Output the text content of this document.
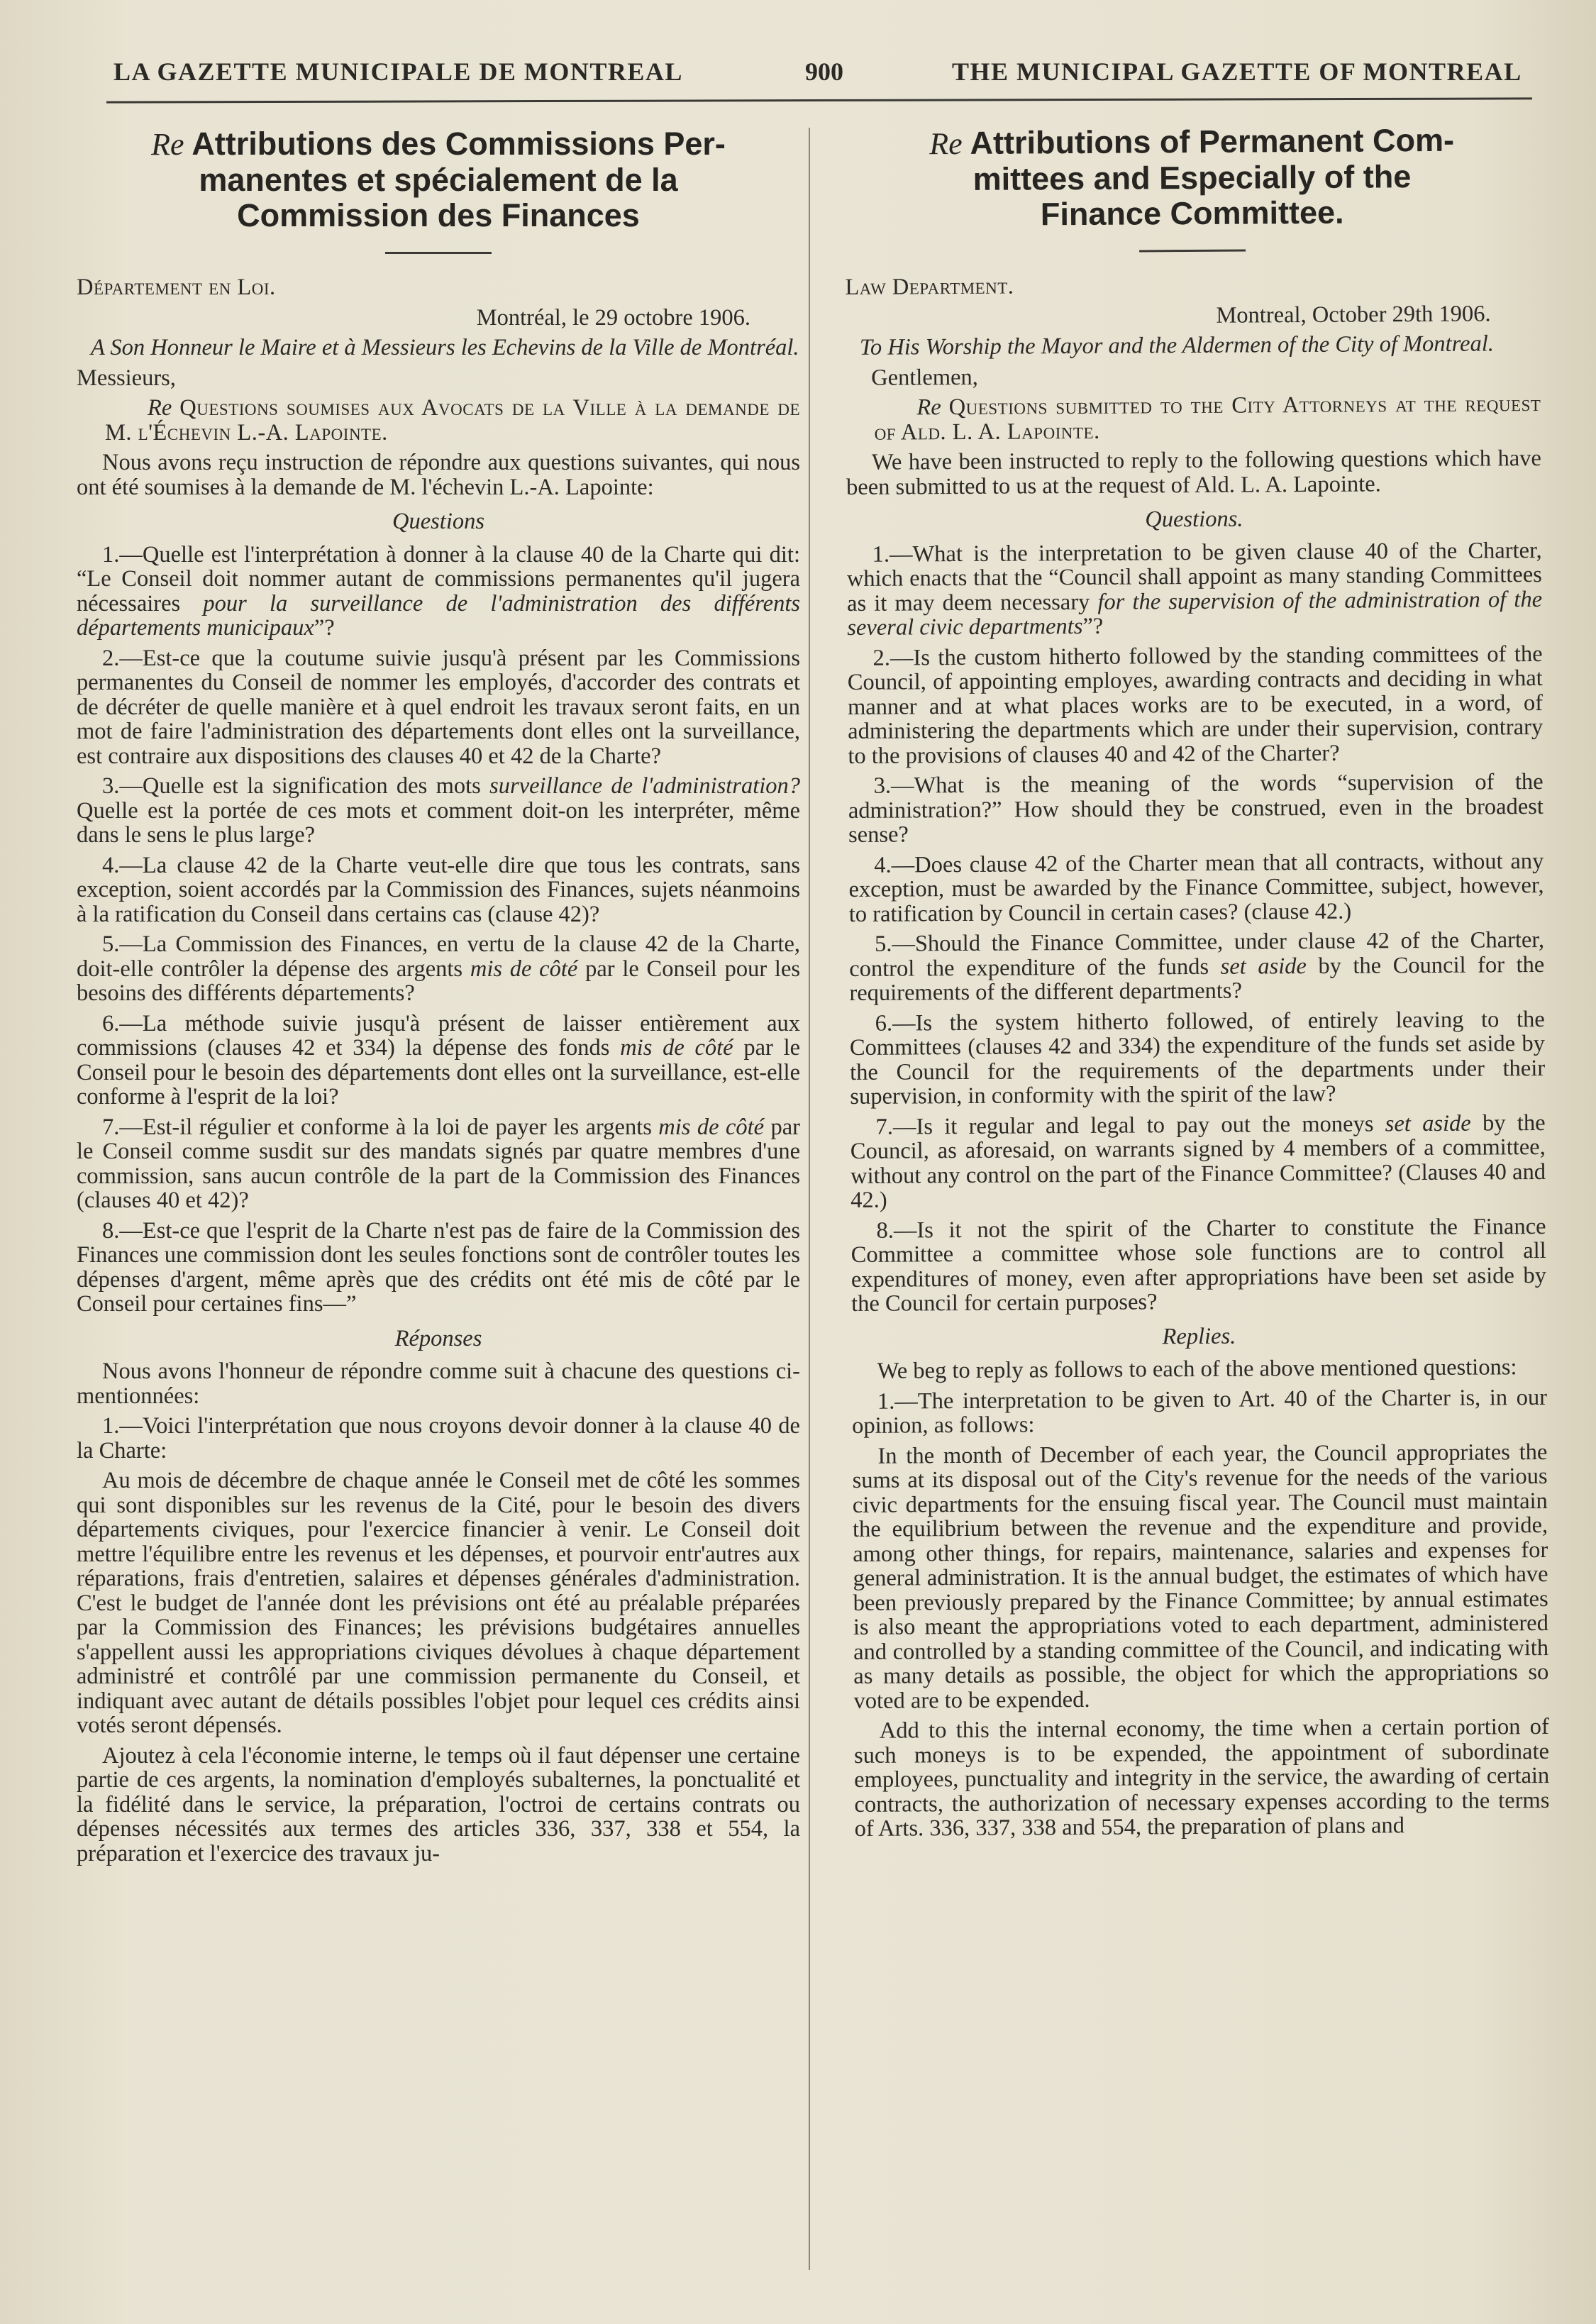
LA GAZETTE MUNICIPALE DE MONTREAL	900	THE MUNICIPAL GAZETTE OF MONTREAL
Re Attributions des Commissions Per-
manentes et spécialement de la
Commission des Finances

Département en Loi.

Montréal, le 29 octobre 1906.

A Son Honneur le Maire et à Messieurs les Echevins de la Ville de Montréal.

Messieurs,

Re Questions soumises aux Avocats de la Ville à la demande de M. l'Échevin L.-A. Lapointe.

Nous avons reçu instruction de répondre aux questions suivantes, qui nous ont été soumises à la demande de M. l'échevin L.-A. Lapointe:

Questions

1.—Quelle est l'interprétation à donner à la clause 40 de la Charte qui dit: “Le Conseil doit nommer autant de commissions permanentes qu'il jugera nécessaires pour la surveillance de l'administration des différents départements municipaux”?

2.—Est-ce que la coutume suivie jusqu'à présent par les Commissions permanentes du Conseil de nommer les employés, d'accorder des contrats et de décréter de quelle manière et à quel endroit les travaux seront faits, en un mot de faire l'administration des départements dont elles ont la surveillance, est contraire aux dispositions des clauses 40 et 42 de la Charte?

3.—Quelle est la signification des mots surveillance de l'administration? Quelle est la portée de ces mots et comment doit-on les interpréter, même dans le sens le plus large?

4.—La clause 42 de la Charte veut-elle dire que tous les contrats, sans exception, soient accordés par la Commission des Finances, sujets néanmoins à la ratification du Conseil dans certains cas (clause 42)?

5.—La Commission des Finances, en vertu de la clause 42 de la Charte, doit-elle contrôler la dépense des argents mis de côté par le Conseil pour les besoins des différents départements?

6.—La méthode suivie jusqu'à présent de laisser entièrement aux commissions (clauses 42 et 334) la dépense des fonds mis de côté par le Conseil pour le besoin des départements dont elles ont la surveillance, est-elle conforme à l'esprit de la loi?

7.—Est-il régulier et conforme à la loi de payer les argents mis de côté par le Conseil comme susdit sur des mandats signés par quatre membres d'une commission, sans aucun contrôle de la part de la Commission des Finances (clauses 40 et 42)?

8.—Est-ce que l'esprit de la Charte n'est pas de faire de la Commission des Finances une commission dont les seules fonctions sont de contrôler toutes les dépenses d'argent, même après que des crédits ont été mis de côté par le Conseil pour certaines fins—”

Réponses

Nous avons l'honneur de répondre comme suit à chacune des questions ci-mentionnées:

1.—Voici l'interprétation que nous croyons devoir donner à la clause 40 de la Charte:

Au mois de décembre de chaque année le Conseil met de côté les sommes qui sont disponibles sur les revenus de la Cité, pour le besoin des divers départements civiques, pour l'exercice financier à venir. Le Conseil doit mettre l'équilibre entre les revenus et les dépenses, et pourvoir entr'autres aux réparations, frais d'entretien, salaires et dépenses générales d'administration. C'est le budget de l'année dont les prévisions ont été au préalable préparées par la Commission des Finances; les prévisions budgétaires annuelles s'appellent aussi les appropriations civiques dévolues à chaque département administré et contrôlé par une commission permanente du Conseil, et indiquant avec autant de détails possibles l'objet pour lequel ces crédits ainsi votés seront dépensés.

Ajoutez à cela l'économie interne, le temps où il faut dépenser une certaine partie de ces argents, la nomination d'employés subalternes, la ponctualité et la fidélité dans le service, la préparation, l'octroi de certains contrats ou dépenses nécessités aux termes des articles 336, 337, 338 et 554, la préparation et l'exercice des travaux ju-

Re Attributions of Permanent Com-
mittees and Especially of the
Finance Committee.

Law Department.

Montreal, October 29th 1906.

To His Worship the Mayor and the Aldermen of the City of Montreal.

Gentlemen,

Re Questions submitted to the City Attorneys at the request of Ald. L. A. Lapointe.

We have been instructed to reply to the following questions which have been submitted to us at the request of Ald. L. A. Lapointe.

Questions.

1.—What is the interpretation to be given clause 40 of the Charter, which enacts that the “Council shall appoint as many standing Committees as it may deem necessary for the supervision of the administration of the several civic departments”?

2.—Is the custom hitherto followed by the standing committees of the Council, of appointing employes, awarding contracts and deciding in what manner and at what places works are to be executed, in a word, of administering the departments which are under their supervision, contrary to the provisions of clauses 40 and 42 of the Charter?

3.—What is the meaning of the words “supervision of the administration?” How should they be construed, even in the broadest sense?

4.—Does clause 42 of the Charter mean that all contracts, without any exception, must be awarded by the Finance Committee, subject, however, to ratification by Council in certain cases? (clause 42.)

5.—Should the Finance Committee, under clause 42 of the Charter, control the expenditure of the funds set aside by the Council for the requirements of the different departments?

6.—Is the system hitherto followed, of entirely leaving to the Committees (clauses 42 and 334) the expenditure of the funds set aside by the Council for the requirements of the departments under their supervision, in conformity with the spirit of the law?

7.—Is it regular and legal to pay out the moneys set aside by the Council, as aforesaid, on warrants signed by 4 members of a committee, without any control on the part of the Finance Committee? (Clauses 40 and 42.)

8.—Is it not the spirit of the Charter to constitute the Finance Committee a committee whose sole functions are to control all expenditures of money, even after appropriations have been set aside by the Council for certain purposes?

Replies.

We beg to reply as follows to each of the above mentioned questions:

1.—The interpretation to be given to Art. 40 of the Charter is, in our opinion, as follows:

In the month of December of each year, the Council appropriates the sums at its disposal out of the City's revenue for the needs of the various civic departments for the ensuing fiscal year. The Council must maintain the equilibrium between the revenue and the expenditure and provide, among other things, for repairs, maintenance, salaries and expenses for general administration. It is the annual budget, the estimates of which have been previously prepared by the Finance Committee; by annual estimates is also meant the appropriations voted to each department, administered and controlled by a standing committee of the Council, and indicating with as many details as possible, the object for which the appropriations so voted are to be expended.

Add to this the internal economy, the time when a certain portion of such moneys is to be expended, the appointment of subordinate employees, punctuality and integrity in the service, the awarding of certain contracts, the authorization of necessary expenses according to the terms of Arts. 336, 337, 338 and 554, the preparation of plans and
